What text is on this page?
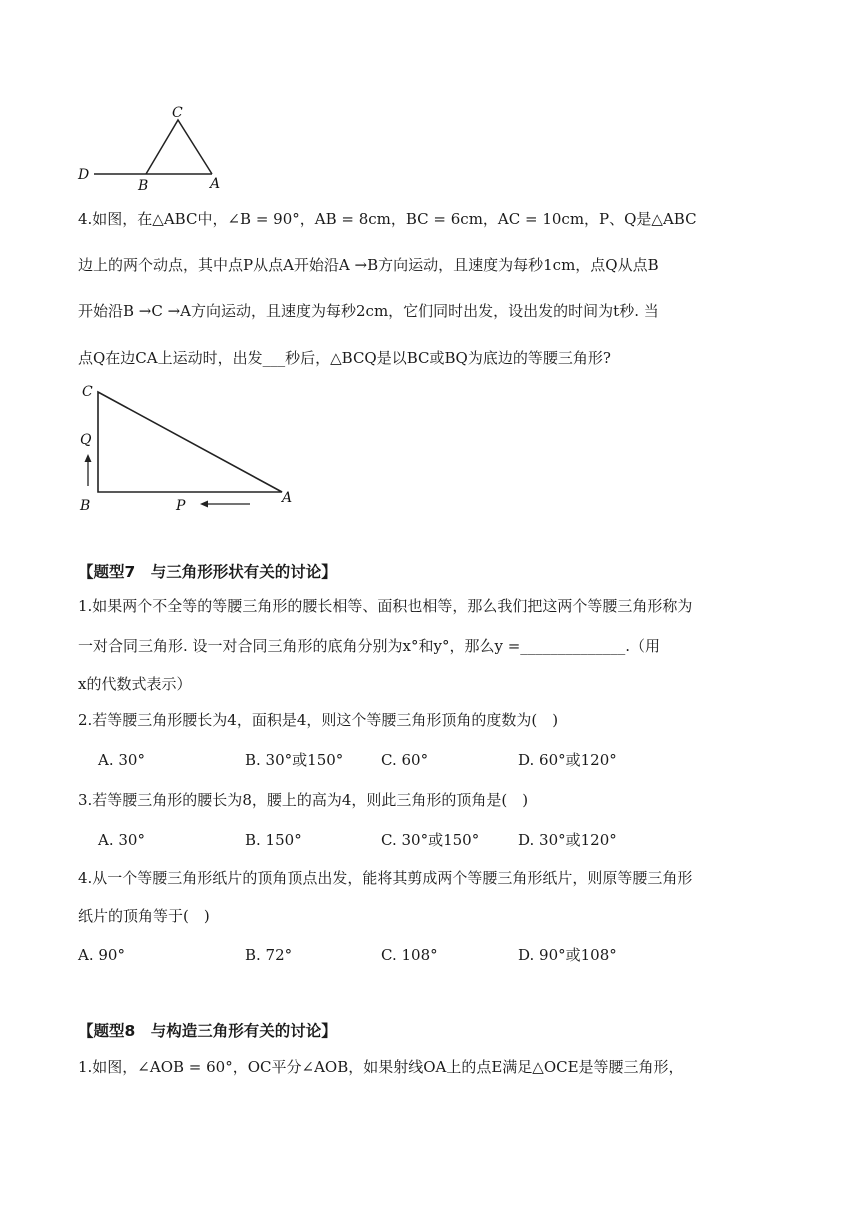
C
D
B	A
4.如图，在△ABC中，∠B = 90°，AB = 8cm，BC = 6cm，AC = 10cm，P、Q是△ABC
边上的两个动点，其中点P从点A开始沿A →B方向运动，且速度为每秒1cm，点Q从点B
开始沿B →C →A方向运动，且速度为每秒2cm，它们同时出发，设出发的时间为t秒. 当
点Q在边CA上运动时，出发___秒后，△BCQ是以BC或BQ为底边的等腰三角形?
C
Q
B	P	A
【题型7　与三角形形状有关的讨论】
1.如果两个不全等的等腰三角形的腰长相等、面积也相等，那么我们把这两个等腰三角形称为
一对合同三角形. 设一对合同三角形的底角分别为x°和y°，那么y =______________.（用
x的代数式表示）
2.若等腰三角形腰长为4，面积是4，则这个等腰三角形顶角的度数为(　)
A. 30°	B. 30°或150°	C. 60°	D. 60°或120°
3.若等腰三角形的腰长为8，腰上的高为4，则此三角形的顶角是(　)
A. 30°	B. 150°	C. 30°或150°	D. 30°或120°
4.从一个等腰三角形纸片的顶角顶点出发，能将其剪成两个等腰三角形纸片，则原等腰三角形
纸片的顶角等于(　)
A. 90°	B. 72°	C. 108°	D. 90°或108°
【题型8　与构造三角形有关的讨论】
1.如图，∠AOB = 60°，OC平分∠AOB，如果射线OA上的点E满足△OCE是等腰三角形，
